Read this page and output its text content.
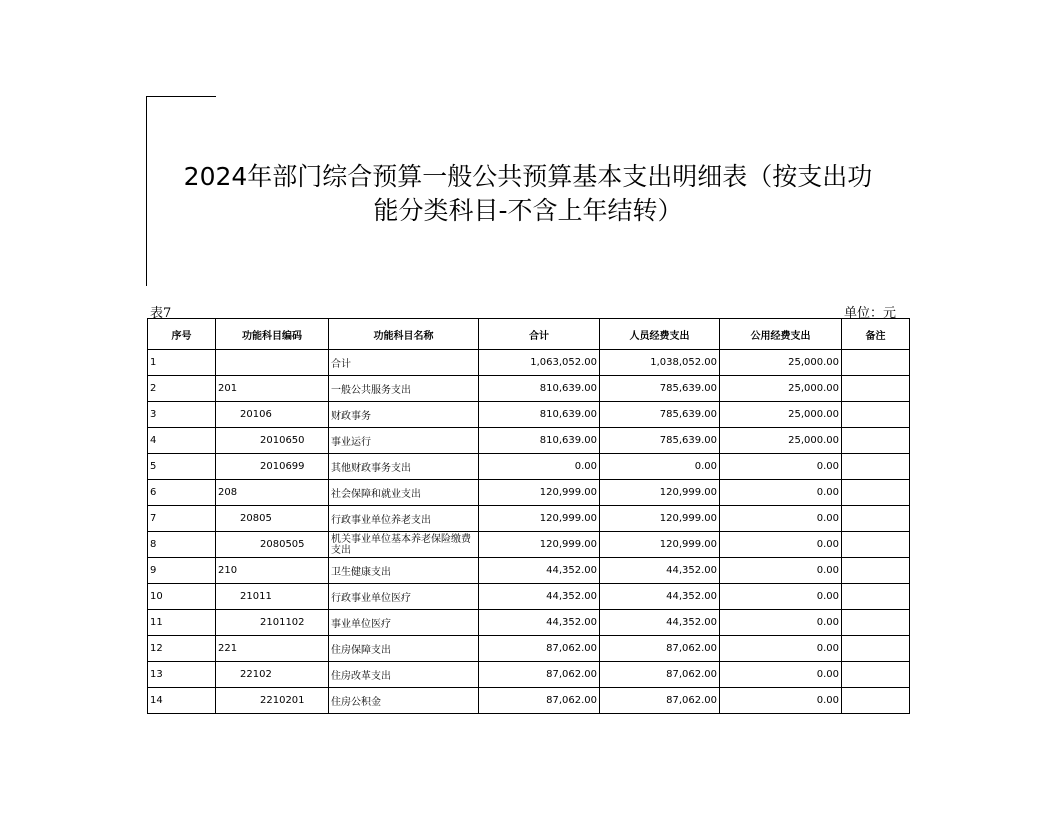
2024年部门综合预算一般公共预算基本支出明细表（按支出功
能分类科目-不含上年结转）
表7	单位：元
序号	功能科目编码	功能科目名称	合计	人员经费支出	公用经费支出	备注
1		合计	1,063,052.00	1,038,052.00	25,000.00	
2	201	一般公共服务支出	810,639.00	785,639.00	25,000.00	
3	20106	财政事务	810,639.00	785,639.00	25,000.00	
4	2010650	事业运行	810,639.00	785,639.00	25,000.00	
5	2010699	其他财政事务支出	0.00	0.00	0.00	
6	208	社会保障和就业支出	120,999.00	120,999.00	0.00	
7	20805	行政事业单位养老支出	120,999.00	120,999.00	0.00	
8	2080505	机关事业单位基本养老保险缴费支出	120,999.00	120,999.00	0.00	
9	210	卫生健康支出	44,352.00	44,352.00	0.00	
10	21011	行政事业单位医疗	44,352.00	44,352.00	0.00	
11	2101102	事业单位医疗	44,352.00	44,352.00	0.00	
12	221	住房保障支出	87,062.00	87,062.00	0.00	
13	22102	住房改革支出	87,062.00	87,062.00	0.00	
14	2210201	住房公积金	87,062.00	87,062.00	0.00	
